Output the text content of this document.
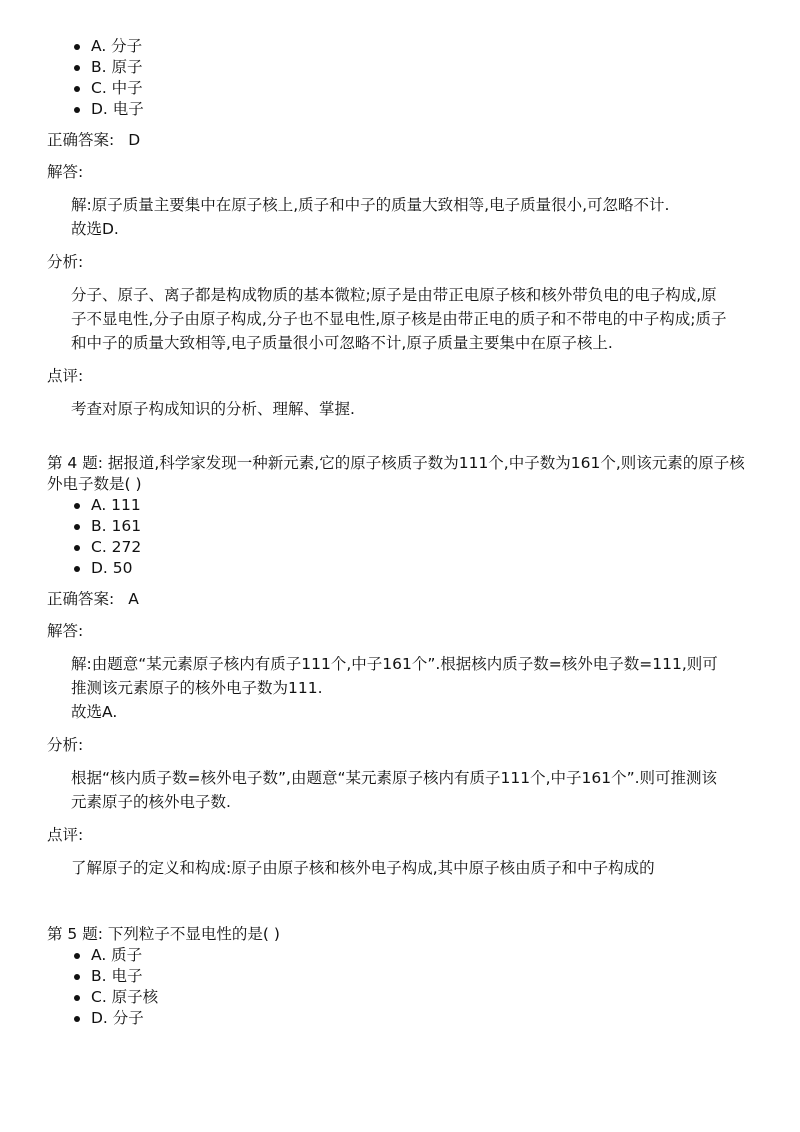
A. 分子
B. 原子
C. 中子
D. 电子
正确答案: D
解答:

解:原子质量主要集中在原子核上,质子和中子的质量大致相等,电子质量很小,可忽略不计.

故选D.

分析:

分子、原子、离子都是构成物质的基本微粒;原子是由带正电原子核和核外带负电的电子构成,原子不显电性,分子由原子构成,分子也不显电性,原子核是由带正电的质子和不带电的中子构成;质子和中子的质量大致相等,电子质量很小可忽略不计,原子质量主要集中在原子核上.

点评:

考查对原子构成知识的分析、理解、掌握.

第 4 题: 据报道,科学家发现一种新元素,它的原子核质子数为111个,中子数为161个,则该元素的原子核外电子数是( )
A. 111
B. 161
C. 272
D. 50
正确答案: A
解答:

解:由题意“某元素原子核内有质子111个,中子161个”.根据核内质子数=核外电子数=111,则可推测该元素原子的核外电子数为111.

故选A.

分析:

根据“核内质子数=核外电子数”,由题意“某元素原子核内有质子111个,中子161个”.则可推测该元素原子的核外电子数.

点评:

了解原子的定义和构成:原子由原子核和核外电子构成,其中原子核由质子和中子构成的

第 5 题: 下列粒子不显电性的是( )
A. 质子
B. 电子
C. 原子核
D. 分子
